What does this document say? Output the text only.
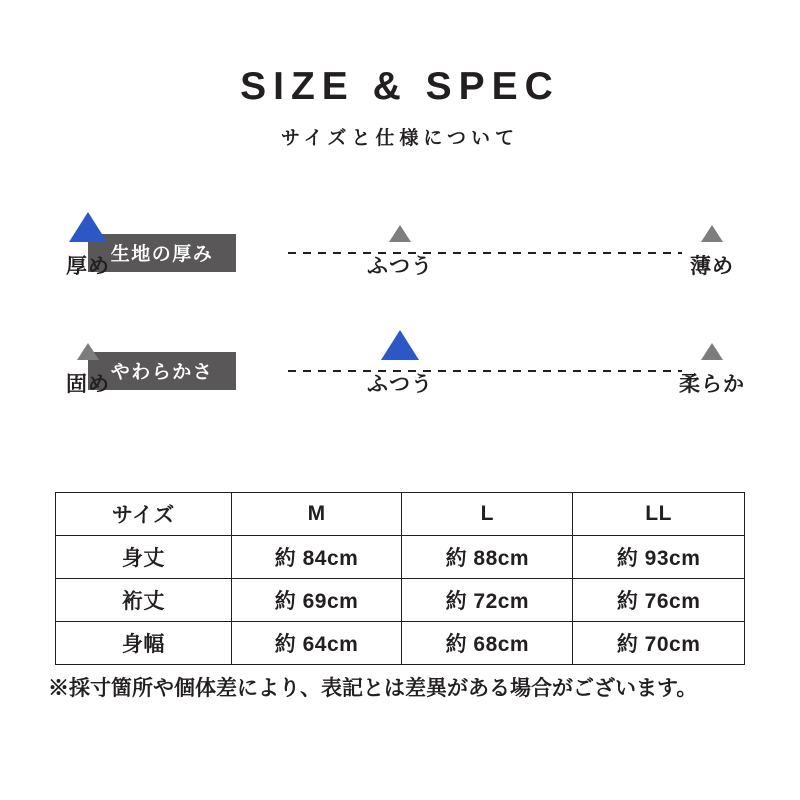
SIZE & SPEC
サイズと仕様について
生地の厚み
厚め	ふつう	薄め
やわらかさ
固め	ふつう	柔らか
サイズ	M	L	LL
身丈	約 84cm	約 88cm	約 93cm
裄丈	約 69cm	約 72cm	約 76cm
身幅	約 64cm	約 68cm	約 70cm
※採寸箇所や個体差により、表記とは差異がある場合がございます。
